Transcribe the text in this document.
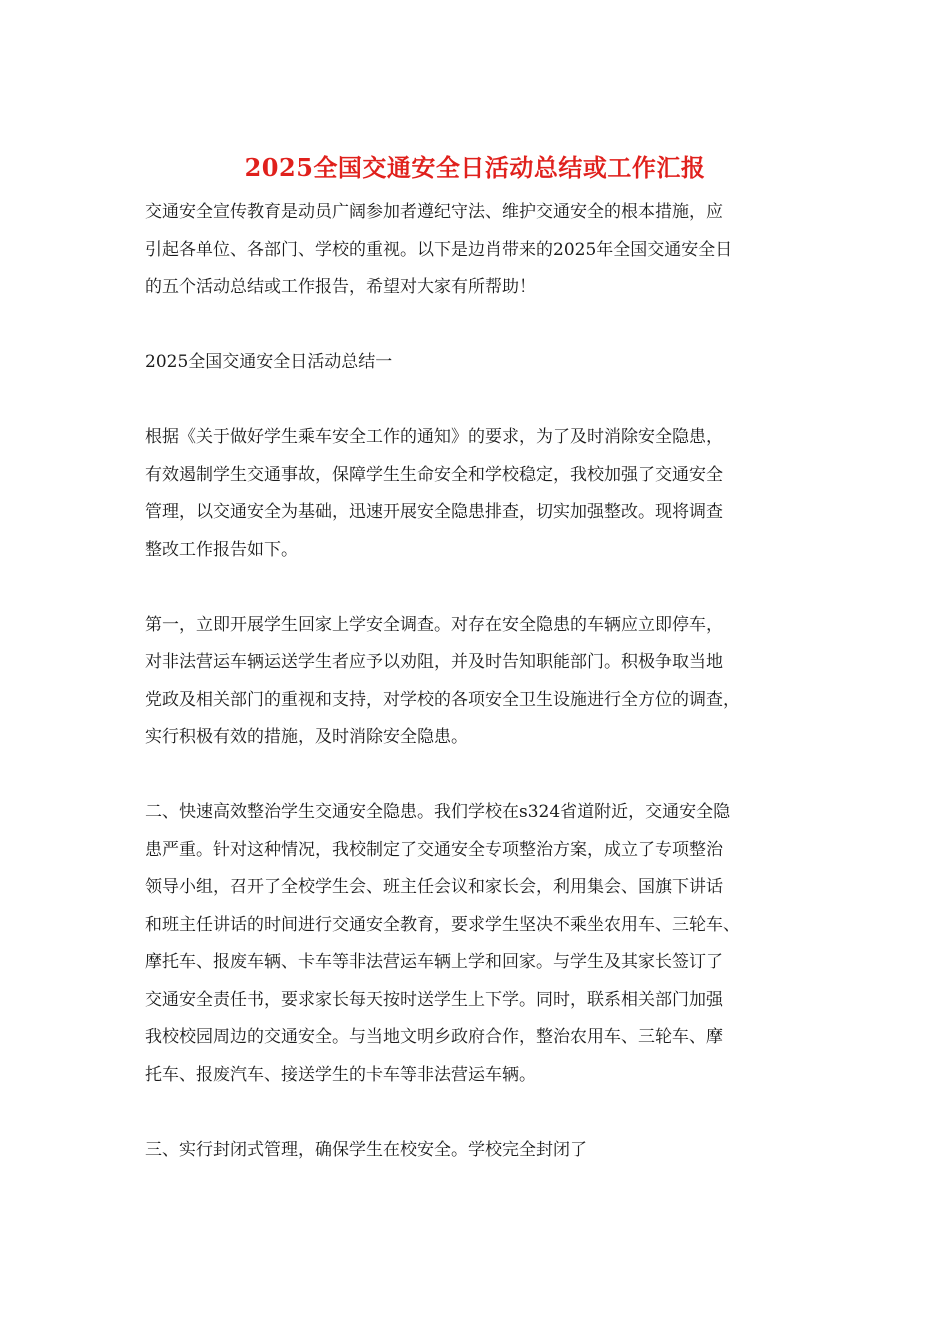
2025全国交通安全日活动总结或工作汇报
交通安全宣传教育是动员广阔参加者遵纪守法、维护交通安全的根本措施，应
引起各单位、各部门、学校的重视。以下是边肖带来的2025年全国交通安全日
的五个活动总结或工作报告，希望对大家有所帮助！
2025全国交通安全日活动总结一
根据《关于做好学生乘车安全工作的通知》的要求，为了及时消除安全隐患，
有效遏制学生交通事故，保障学生生命安全和学校稳定，我校加强了交通安全
管理，以交通安全为基础，迅速开展安全隐患排查，切实加强整改。现将调查
整改工作报告如下。
第一，立即开展学生回家上学安全调查。对存在安全隐患的车辆应立即停车，
对非法营运车辆运送学生者应予以劝阻，并及时告知职能部门。积极争取当地
党政及相关部门的重视和支持，对学校的各项安全卫生设施进行全方位的调查，
实行积极有效的措施，及时消除安全隐患。
二、快速高效整治学生交通安全隐患。我们学校在s324省道附近，交通安全隐
患严重。针对这种情况，我校制定了交通安全专项整治方案，成立了专项整治
领导小组，召开了全校学生会、班主任会议和家长会，利用集会、国旗下讲话
和班主任讲话的时间进行交通安全教育，要求学生坚决不乘坐农用车、三轮车、
摩托车、报废车辆、卡车等非法营运车辆上学和回家。与学生及其家长签订了
交通安全责任书，要求家长每天按时送学生上下学。同时，联系相关部门加强
我校校园周边的交通安全。与当地文明乡政府合作，整治农用车、三轮车、摩
托车、报废汽车、接送学生的卡车等非法营运车辆。
三、实行封闭式管理，确保学生在校安全。学校完全封闭了
